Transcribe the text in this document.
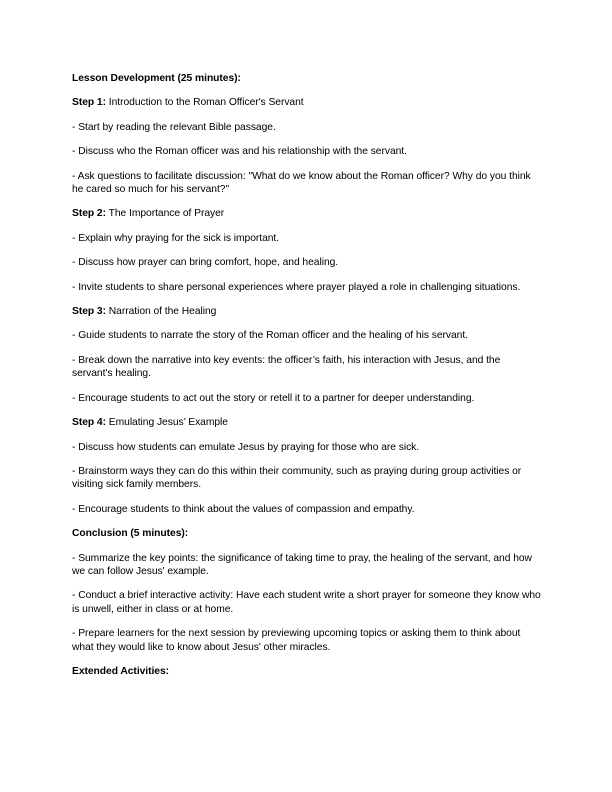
Lesson Development (25 minutes):

Step 1: Introduction to the Roman Officer's Servant

- Start by reading the relevant Bible passage.

- Discuss who the Roman officer was and his relationship with the servant.

- Ask questions to facilitate discussion: "What do we know about the Roman officer? Why do you think he cared so much for his servant?"

Step 2: The Importance of Prayer

- Explain why praying for the sick is important.

- Discuss how prayer can bring comfort, hope, and healing.

- Invite students to share personal experiences where prayer played a role in challenging situations.

Step 3: Narration of the Healing

- Guide students to narrate the story of the Roman officer and the healing of his servant.

- Break down the narrative into key events: the officer’s faith, his interaction with Jesus, and the servant's healing.

- Encourage students to act out the story or retell it to a partner for deeper understanding.

Step 4: Emulating Jesus’ Example

- Discuss how students can emulate Jesus by praying for those who are sick.

- Brainstorm ways they can do this within their community, such as praying during group activities or visiting sick family members.

- Encourage students to think about the values of compassion and empathy.

Conclusion (5 minutes):

- Summarize the key points: the significance of taking time to pray, the healing of the servant, and how we can follow Jesus' example.

- Conduct a brief interactive activity: Have each student write a short prayer for someone they know who is unwell, either in class or at home.

- Prepare learners for the next session by previewing upcoming topics or asking them to think about what they would like to know about Jesus' other miracles.

Extended Activities:
